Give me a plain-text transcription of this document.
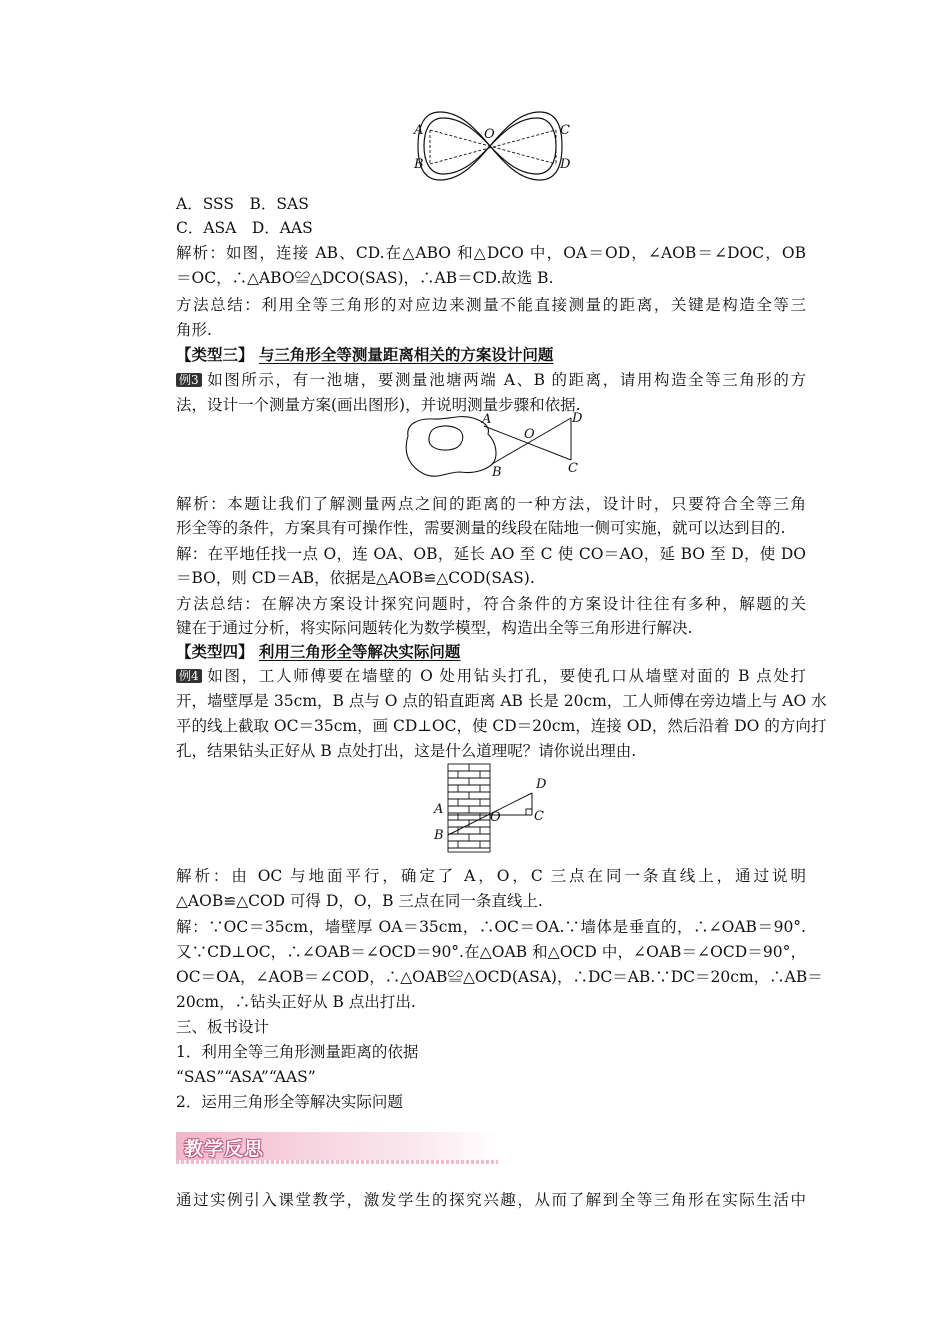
A
B
O	C
D
A．SSS　B．SAS
C．ASA　D．AAS
解析：如图，连接 AB、CD.在△ABO 和△DCO 中，OA＝OD，∠AOB＝∠DOC，OB
＝OC，∴△ABO≌△DCO(SAS)，∴AB＝CD.故选 B.
方法总结：利用全等三角形的对应边来测量不能直接测量的距离，关键是构造全等三
角形.
【类型三】 与三角形全等测量距离相关的方案设计问题
例3 如图所示，有一池塘，要测量池塘两端 A、B 的距离，请用构造全等三角形的方
法，设计一个测量方案(画出图形)，并说明测量步骤和依据.
A
O
D
B	C
解析：本题让我们了解测量两点之间的距离的一种方法，设计时，只要符合全等三角
形全等的条件，方案具有可操作性，需要测量的线段在陆地一侧可实施，就可以达到目的.
解：在平地任找一点 O，连 OA、OB，延长 AO 至 C 使 CO＝AO，延 BO 至 D，使 DO
＝BO，则 CD＝AB，依据是△AOB≌△COD(SAS).
方法总结：在解决方案设计探究问题时，符合条件的方案设计往往有多种，解题的关
键在于通过分析，将实际问题转化为数学模型，构造出全等三角形进行解决.
【类型四】 利用三角形全等解决实际问题
例4 如图，工人师傅要在墙壁的 O 处用钻头打孔，要使孔口从墙壁对面的 B 点处打
开，墙壁厚是 35cm，B 点与 O 点的铅直距离 AB 长是 20cm，工人师傅在旁边墙上与 AO 水
平的线上截取 OC＝35cm，画 CD⊥OC，使 CD＝20cm，连接 OD，然后沿着 DO 的方向打
孔，结果钻头正好从 B 点处打出，这是什么道理呢？请你说出理由.
D
A
O	C
B
解析：由 OC 与地面平行，确定了 A，O，C 三点在同一条直线上，通过说明
△AOB≌△COD 可得 D，O，B 三点在同一条直线上.
解：∵OC＝35cm，墙壁厚 OA＝35cm，∴OC＝OA.∵墙体是垂直的，∴∠OAB＝90°.
又∵CD⊥OC，∴∠OAB＝∠OCD＝90°.在△OAB 和△OCD 中，∠OAB＝∠OCD＝90°，
OC＝OA，∠AOB＝∠COD，∴△OAB≌△OCD(ASA)，∴DC＝AB.∵DC＝20cm，∴AB＝
20cm，∴钻头正好从 B 点出打出.
三、板书设计
1．利用全等三角形测量距离的依据
“SAS”“ASA”“AAS”
2．运用三角形全等解决实际问题
教学反思
通过实例引入课堂教学，激发学生的探究兴趣，从而了解到全等三角形在实际生活中
